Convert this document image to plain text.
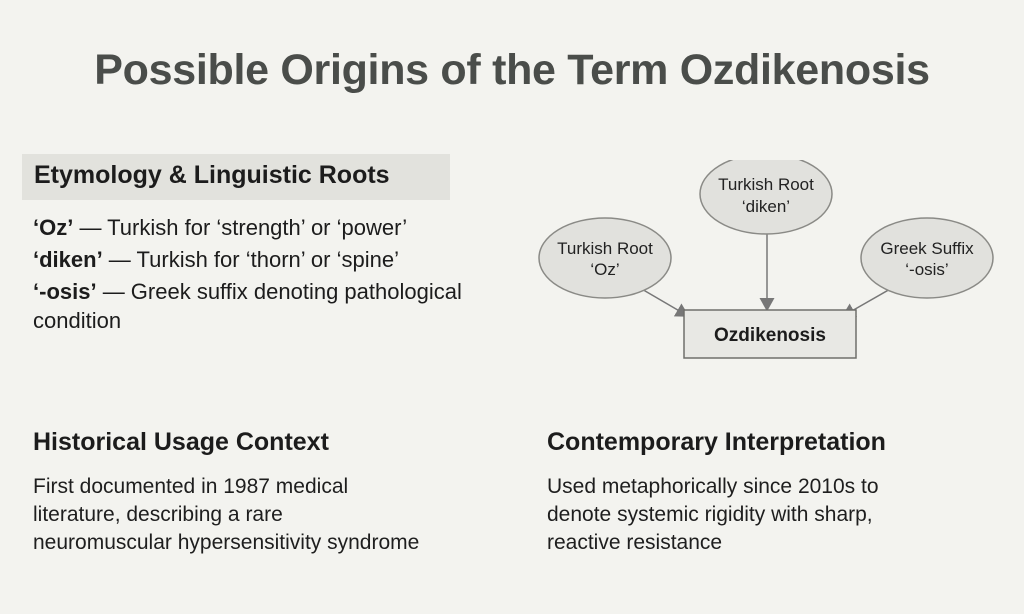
Possible Origins of the Term Ozdikenosis
Etymology & Linguistic Roots
‘Oz’ — Turkish for ‘strength’ or ‘power’
‘diken’ — Turkish for ‘thorn’ or ‘spine’
‘-osis’ — Greek suffix denoting pathological condition
Turkish Root
‘Oz’
Turkish Root
‘diken’
Greek Suffix
‘-osis’
Ozdikenosis
Historical Usage Context
First documented in 1987 medical
literature, describing a rare
neuromuscular hypersensitivity syndrome
Contemporary Interpretation
Used metaphorically since 2010s to
denote systemic rigidity with sharp,
reactive resistance
